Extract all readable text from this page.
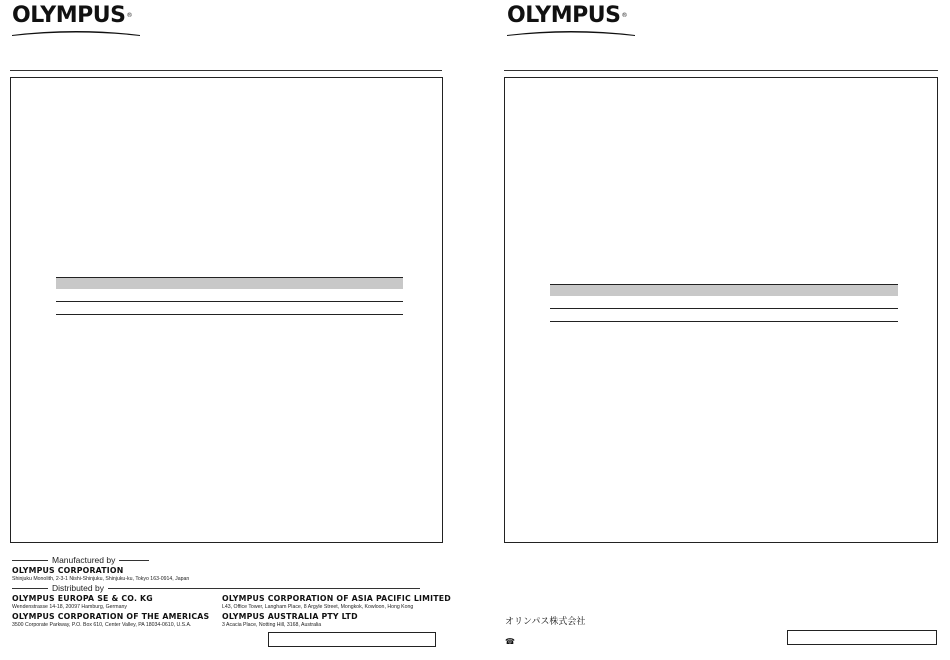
OLYMPUS®
Manufactured by
OLYMPUS CORPORATION
Shinjuku Monolith, 2-3-1 Nishi-Shinjuku, Shinjuku-ku, Tokyo 163-0914, Japan
Distributed by
OLYMPUS EUROPA SE & CO. KG
Wendenstrasse 14-18, 20097 Hamburg, Germany
OLYMPUS CORPORATION OF ASIA PACIFIC LIMITED
L43, Office Tower, Langham Place, 8 Argyle Street, Mongkok, Kowloon, Hong Kong
OLYMPUS CORPORATION OF THE AMERICAS
3500 Corporate Parkway, P.O. Box 610, Center Valley, PA 18034-0610, U.S.A.
OLYMPUS AUSTRALIA PTY LTD
3 Acacia Place, Notting Hill, 3168, Australia
OLYMPUS®
オリンパス株式会社
☎
